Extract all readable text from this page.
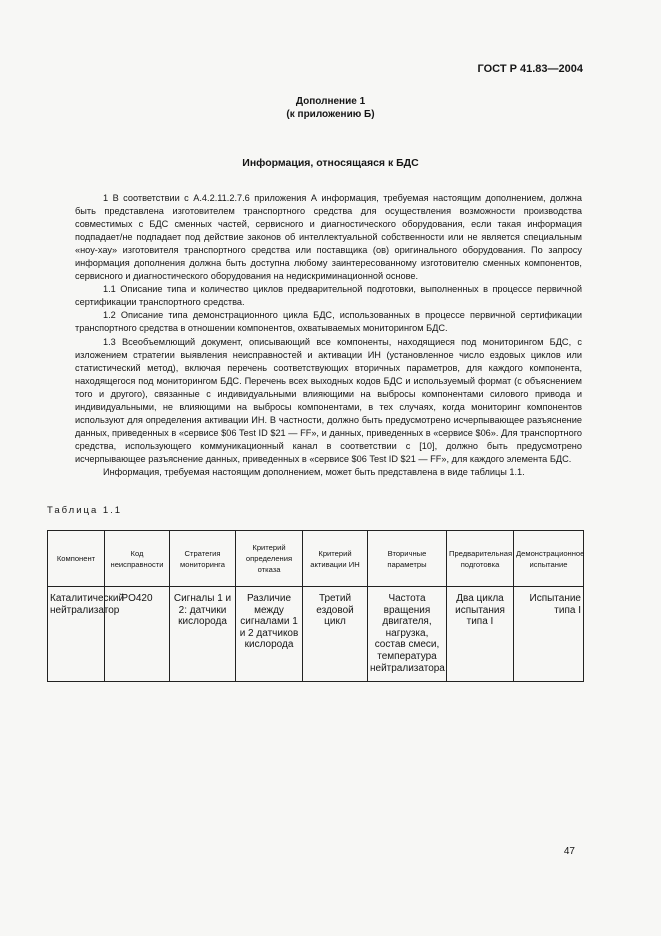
ГОСТ Р 41.83—2004
Дополнение 1
(к приложению Б)
Информация, относящаяся к БДС

1 В соответствии с А.4.2.11.2.7.6 приложения А информация, требуемая настоящим дополнением, должна быть представлена изготовителем транспортного средства для осуществления возможности производства совместимых с БДС сменных частей, сервисного и диагностического оборудования, если такая информация подпадает/не подпадает под действие законов об интеллектуальной собственности или не является специальным «ноу-хау» изготовителя транспортного средства или поставщика (ов) оригинального оборудования. По запросу информация дополнения должна быть доступна любому заинтересованному изготовителю сменных компонентов, сервисного и диагностического оборудования на недискриминационной основе.

1.1 Описание типа и количество циклов предварительной подготовки, выполненных в процессе первичной сертификации транспортного средства.

1.2 Описание типа демонстрационного цикла БДС, использованных в процессе первичной сертификации транспортного средства в отношении компонентов, охватываемых мониторингом БДС.

1.3 Всеобъемлющий документ, описывающий все компоненты, находящиеся под мониторингом БДС, с изложением стратегии выявления неисправностей и активации ИН (установленное число ездовых циклов или статистический метод), включая перечень соответствующих вторичных параметров, для каждого компонента, находящегося под мониторингом БДС. Перечень всех выходных кодов БДС и используемый формат (с объяснением того и другого), связанные с индивидуальными влияющими на выбросы компонентами силового привода и индивидуальными, не влияющими на выбросы компонентами, в тех случаях, когда мониторинг компонентов используют для определения активации ИН. В частности, должно быть предусмотрено исчерпывающее разъяснение данных, приведенных в «сервисе $06 Test ID $21 — FF», и данных, приведенных в «сервисе $06». Для транспортного средства, использующего коммуникационный канал в соответствии с [10], должно быть предусмотрено исчерпывающее разъяснение данных, приведенных в «сервисе $06 Test ID $21 — FF», для каждого элемента БДС.

Информация, требуемая настоящим дополнением, может быть представлена в виде таблицы 1.1.

Таблица 1.1
Компонент	Код неисправности	Стратегия мониторинга	Критерий определения отказа	Критерий активации ИН	Вторичные параметры	Предварительная подготовка	Демонстрационное испытание
Каталитический нейтрализатор	PO420	Сигналы 1 и 2: датчики кислорода	Различие между сигналами 1 и 2 датчиков кислорода	Третий ездовой цикл	Частота вращения двигателя, нагрузка, состав смеси, температура нейтрализатора	Два цикла испытания типа I	Испытание типа I
47
